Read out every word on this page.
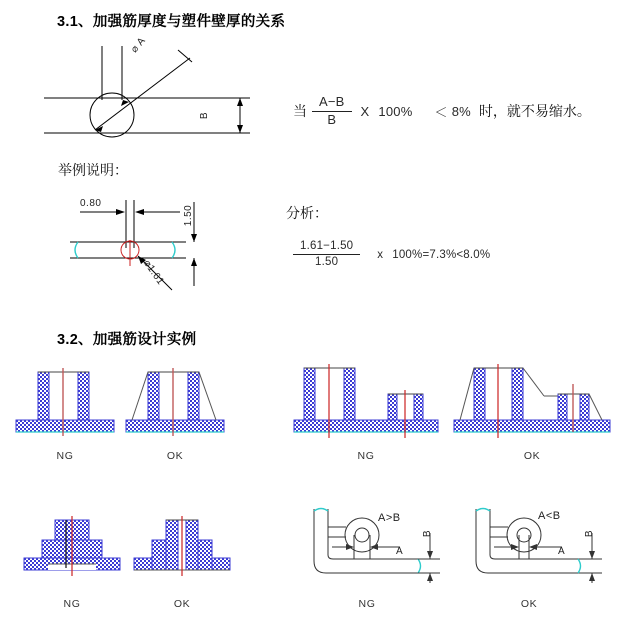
3.1、加强筋厚度与塑件壁厚的关系
⌀ A
B	当 $\frac{A-B}{B}$ X 100% ＜ 8% 时，就不易缩水。
举例说明：
0.80
1.50
⌀1.61
分析：
$\frac{1.61-1.50}{1.50}$ x 100%=7.3%<8.0%
3.2、加强筋设计实例
NG	OK	NG	OK
NG	OK
A>B
A
B
NG
A<B
A
B
OK
